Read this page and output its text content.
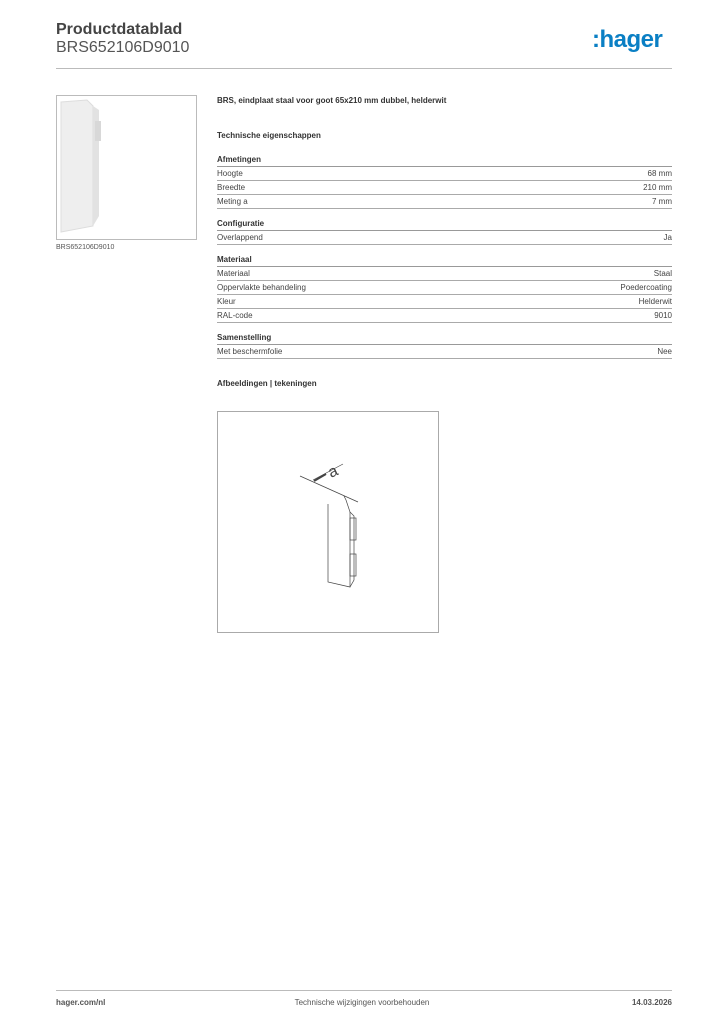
Productdatablad
BRS652106D9010	:hager
BRS652106D9010
BRS, eindplaat staal voor goot 65x210 mm dubbel, helderwit
Technische eigenschappen
Afmetingen
Hoogte	68 mm
Breedte	210 mm
Meting a	7 mm
Configuratie
Overlappend	Ja
Materiaal
Materiaal	Staal
Oppervlakte behandeling	Poedercoating
Kleur	Helderwit
RAL-code	9010
Samenstelling
Met beschermfolie	Nee
Afbeeldingen | tekeningen
a
hager.com/nl	Technische wijzigingen voorbehouden	14.03.2026
